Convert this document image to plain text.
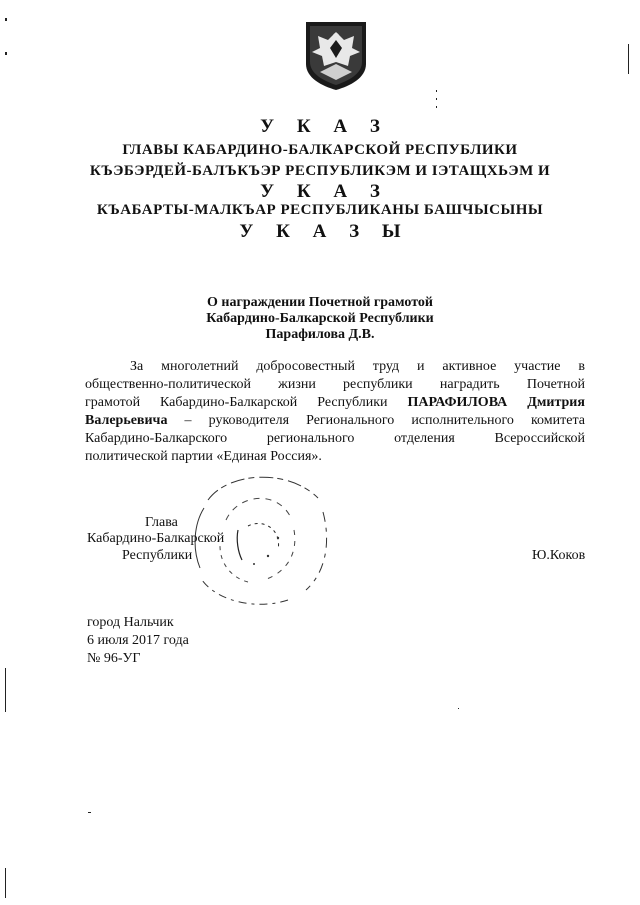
У К А З
ГЛАВЫ КАБАРДИНО-БАЛКАРСКОЙ РЕСПУБЛИКИ
КЪЭБЭРДЕЙ-БАЛЪКЪЭР РЕСПУБЛИКЭМ И ІЭТАЩХЬЭМ И
У К А З
КЪАБАРТЫ-МАЛКЪАР РЕСПУБЛИКАНЫ БАШЧЫСЫНЫ
У К А З Ы
О награждении Почетной грамотой
Кабардино-Балкарской Республики
Парафилова Д.В.
За многолетний добросовестный труд и активное участие в
общественно-политической жизни республики наградить Почетной
грамотой Кабардино-Балкарской Республики ПАРАФИЛОВА Дмитрия
Валерьевича – руководителя Регионального исполнительного комитета
Кабардино-Балкарского	регионального	отделения	Всероссийской
политической партии «Единая Россия».
Глава
Кабардино-Балкарской
Республики	Ю.Коков
город Нальчик
6 июля 2017 года
№ 96-УГ
